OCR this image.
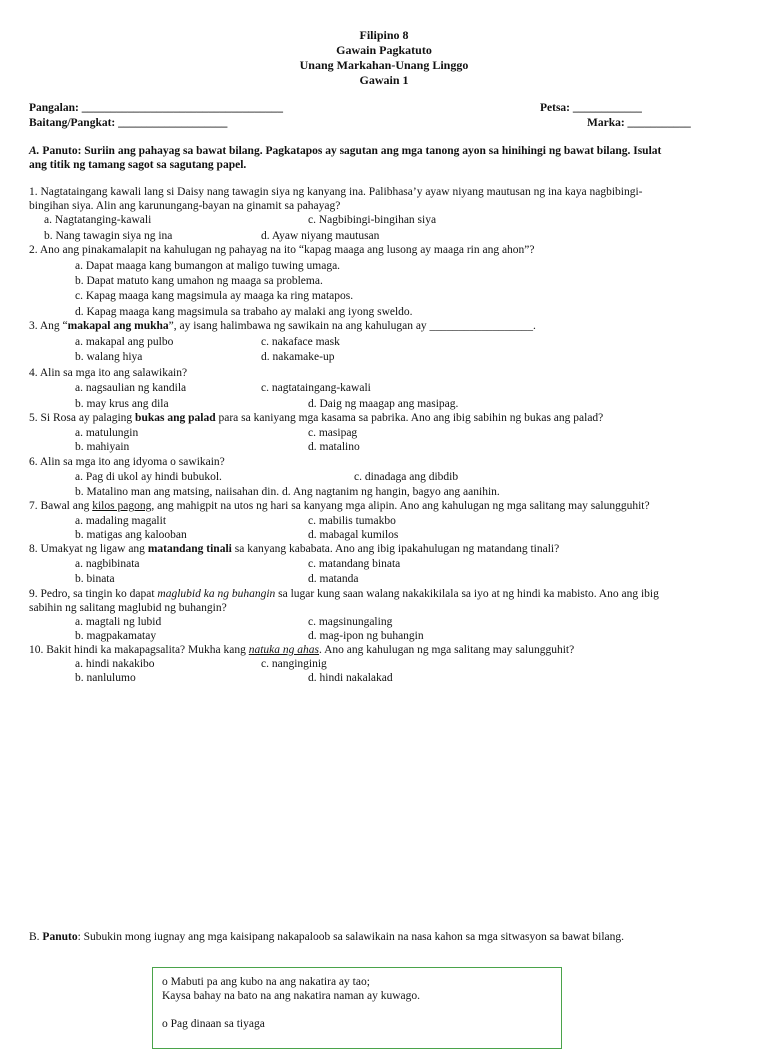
Filipino 8
Gawain Pagkatuto
Unang Markahan-Unang Linggo
Gawain 1
Pangalan: ___________________________________	Petsa: ____________
Baitang/Pangkat: ___________________	Marka: ___________
A. Panuto: Suriin ang pahayag sa bawat bilang. Pagkatapos ay sagutan ang mga tanong ayon sa hinihingi ng bawat bilang. Isulat
ang titik ng tamang sagot sa sagutang papel.
1. Nagtataingang kawali lang si Daisy nang tawagin siya ng kanyang ina. Palibhasa’y ayaw niyang mautusan ng ina kaya nagbibingi-
bingihan siya. Alin ang karunungang-bayan na ginamit sa pahayag?
a. Nagtatanging-kawali	c. Nagbibingi-bingihan siya
b. Nang tawagin siya ng ina	d. Ayaw niyang mautusan
2. Ano ang pinakamalapit na kahulugan ng pahayag na ito “kapag maaga ang lusong ay maaga rin ang ahon”?
a. Dapat maaga kang bumangon at maligo tuwing umaga.
b. Dapat matuto kang umahon ng maaga sa problema.
c. Kapag maaga kang magsimula ay maaga ka ring matapos.
d. Kapag maaga kang magsimula sa trabaho ay malaki ang iyong sweldo.
3. Ang “makapal ang mukha”, ay isang halimbawa ng sawikain na ang kahulugan ay __________________.
a. makapal ang pulbo	c. nakaface mask
b. walang hiya	d. nakamake-up
4. Alin sa mga ito ang salawikain?
a. nagsaulian ng kandila	c. nagtataingang-kawali
b. may krus ang dila	d. Daig ng maagap ang masipag.
5. Si Rosa ay palaging bukas ang palad para sa kaniyang mga kasama sa pabrika. Ano ang ibig sabihin ng bukas ang palad?
a. matulungin	c. masipag
b. mahiyain	d. matalino
6. Alin sa mga ito ang idyoma o sawikain?
a. Pag di ukol ay hindi bubukol.	c. dinadaga ang dibdib
b. Matalino man ang matsing, naiisahan din. d. Ang nagtanim ng hangin, bagyo ang aanihin.
7. Bawal ang kilos pagong, ang mahigpit na utos ng hari sa kanyang mga alipin. Ano ang kahulugan ng mga salitang may salungguhit?
a. madaling magalit	c. mabilis tumakbo
b. matigas ang kalooban	d. mabagal kumilos
8. Umakyat ng ligaw ang matandang tinali sa kanyang kababata. Ano ang ibig ipakahulugan ng matandang tinali?
a. nagbibinata	c. matandang binata
b. binata	d. matanda
9. Pedro, sa tingin ko dapat maglubid ka ng buhangin sa lugar kung saan walang nakakikilala sa iyo at ng hindi ka mabisto. Ano ang ibig
sabihin ng salitang maglubid ng buhangin?
a. magtali ng lubid	c. magsinungaling
b. magpakamatay	d. mag-ipon ng buhangin
10. Bakit hindi ka makapagsalita? Mukha kang natuka ng ahas. Ano ang kahulugan ng mga salitang may salungguhit?
a. hindi nakakibo	c. nanginginig
b. nanlulumo	d. hindi nakalakad
B. Panuto: Subukin mong iugnay ang mga kaisipang nakapaloob sa salawikain na nasa kahon sa mga sitwasyon sa bawat bilang.
o Mabuti pa ang kubo na ang nakatira ay tao;
Kaysa bahay na bato na ang nakatira naman ay kuwago.
o Pag dinaan sa tiyaga
